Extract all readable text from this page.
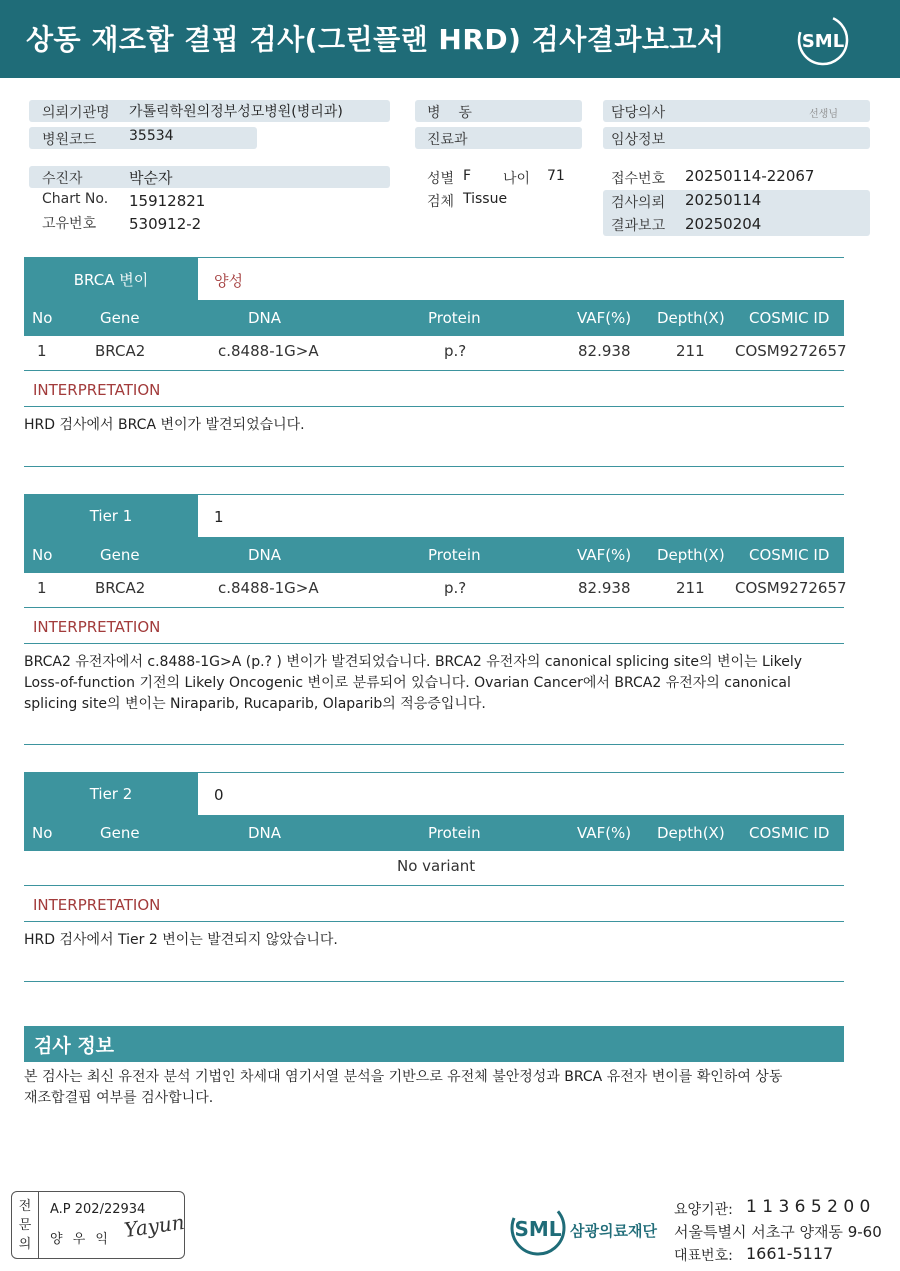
상동 재조합 결핍 검사(그린플랜 HRD) 검사결과보고서	SML
의뢰기관명 가톨릭학원의정부성모병원(병리과)
병원코드 35534
수진자	박순자
Chart No. 15912821
고유번호 530912-2
병    동
진료과
성별 F 나이 71
검체 Tissue
담당의사	선생님
임상정보
접수번호 20250114-22067
검사의뢰 20250114
결과보고 20250204
BRCA 변이	양성
No	Gene	DNA	Protein	VAF(%) Depth(X) COSMIC ID
1	BRCA2	c.8488-1G>A	p.?	82.938	211 COSM9272657
INTERPRETATION
HRD 검사에서 BRCA 변이가 발견되었습니다.
Tier 1	1
No	Gene	DNA	Protein	VAF(%) Depth(X) COSMIC ID
1	BRCA2	c.8488-1G>A	p.?	82.938	211 COSM9272657
INTERPRETATION
BRCA2 유전자에서 c.8488-1G>A (p.? ) 변이가 발견되었습니다. BRCA2 유전자의 canonical splicing site의 변이는 Likely Loss-of-function 기전의 Likely Oncogenic 변이로 분류되어 있습니다. Ovarian Cancer에서 BRCA2 유전자의 canonical splicing site의 변이는 Niraparib, Rucaparib, Olaparib의 적응증입니다.
Tier 2	0
No	Gene	DNA	Protein	VAF(%) Depth(X) COSMIC ID
No variant
INTERPRETATION
HRD 검사에서 Tier 2 변이는 발견되지 않았습니다.
검사 정보
본 검사는 최신 유전자 분석 기법인 차세대 염기서열 분석을 기반으로 유전체 불안정성과 BRCA 유전자 변이를 확인하여 상동재조합결핍 여부를 검사합니다.
전문의
A.P 202/22934
양 우 익 Yayun	SML 삼광의료재단
요양기관: 1 1 3 6 5 2 0 0
서울특별시 서초구 양재동 9-60
대표번호: 1661-5117
